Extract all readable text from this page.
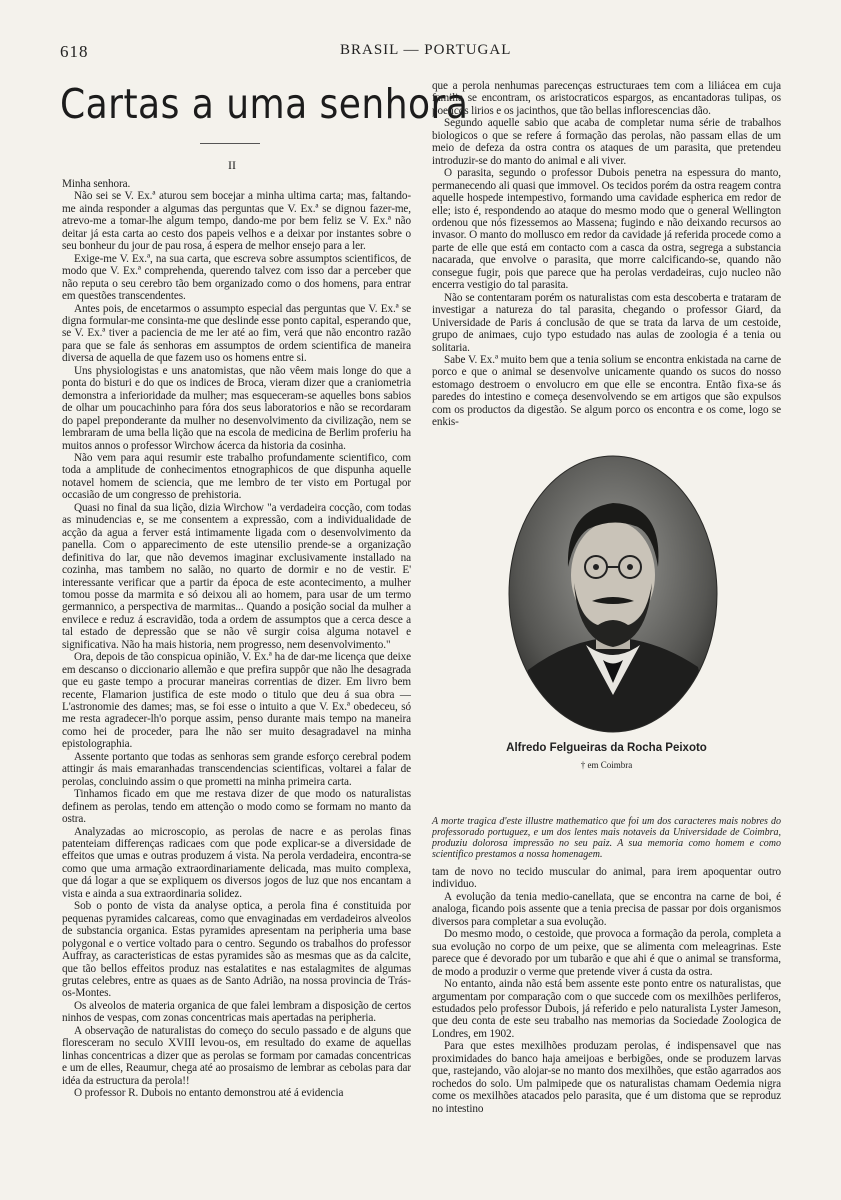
618	BRASIL — PORTUGAL
Cartas a uma senhora
II

Minha senhora.

Não sei se V. Ex.ª aturou sem bocejar a minha ultima carta; mas, faltando-me ainda responder a algumas das perguntas que V. Ex.ª se dignou fazer-me, atrevo-me a tomar-lhe algum tempo, dando-me por bem feliz se V. Ex.ª não deitar já esta carta ao cesto dos papeis velhos e a deixar por instantes sobre o seu bonheur du jour de pau rosa, á espera de melhor ensejo para a ler.

Exige-me V. Ex.ª, na sua carta, que escreva sobre assumptos scientificos, de modo que V. Ex.ª comprehenda, querendo talvez com isso dar a perceber que não reputa o seu cerebro tão bem organizado como o dos homens, para entrar em questões transcendentes.

Antes pois, de encetarmos o assumpto especial das perguntas que V. Ex.ª se digna formular-me consinta-me que deslinde esse ponto capital, esperando que, se V. Ex.ª tiver a paciencia de me ler até ao fim, verá que não encontro razão para que se fale ás senhoras em assumptos de ordem scientifica de maneira diversa de aquella de que fazem uso os homens entre si.

Uns physiologistas e uns anatomistas, que não vêem mais longe do que a ponta do bisturi e do que os indices de Broca, vieram dizer que a craniometria demonstra a inferioridade da mulher; mas esqueceram-se aquelles bons sabios de olhar um poucachinho para fóra dos seus laboratorios e não se recordaram do papel preponderante da mulher no desenvolvimento da civilização, nem se lembraram de uma bella lição que na escola de medicina de Berlim proferiu ha muitos annos o professor Wirchow ácerca da historia da cosinha.

Não vem para aqui resumir este trabalho profundamente scientifico, com toda a amplitude de conhecimentos etnographicos de que dispunha aquelle notavel homem de sciencia, que me lembro de ter visto em Portugal por occasião de um congresso de prehistoria.

Quasi no final da sua lição, dizia Wirchow "a verdadeira cocção, com todas as minudencias e, se me consentem a expressão, com a individualidade de acção da agua a ferver está intimamente ligada com o desenvolvimento da panella. Com o apparecimento de este utensilio prende-se a organização definitiva do lar, que não devemos imaginar exclusivamente installado na cozinha, mas tambem no salão, no quarto de dormir e no de vestir. E' interessante verificar que a partir da época de este acontecimento, a mulher tomou posse da marmita e só deixou ali ao homem, para usar de um termo germannico, a perspectiva de marmitas... Quando a posição social da mulher a envilece e reduz á escravidão, toda a ordem de assumptos que a cerca desce a tal estado de depressão que se não vê surgir coisa alguma notavel e significativa. Não ha mais historia, nem progresso, nem desenvolvimento."

Ora, depois de tão conspicua opinião, V. Ex.ª ha de dar-me licença que deixe em descanso o diccionario allemão e que prefira suppôr que não lhe desagrada que eu gaste tempo a procurar maneiras correntias de dizer. Em livro bem recente, Flamarion justifica de este modo o titulo que deu á sua obra — L'astronomie des dames; mas, se foi esse o intuito a que V. Ex.ª obedeceu, só me resta agradecer-lh'o porque assim, penso durante mais tempo na maneira como hei de proceder, para lhe não ser muito desagradavel na minha epistolographia.

Assente portanto que todas as senhoras sem grande esforço cerebral podem attingir ás mais emaranhadas transcendencias scientificas, voltarei a falar de perolas, concluindo assim o que prometti na minha primeira carta.

Tinhamos ficado em que me restava dizer de que modo os naturalistas definem as perolas, tendo em attenção o modo como se formam no manto da ostra.

Analyzadas ao microscopio, as perolas de nacre e as perolas finas patenteiam differenças radicaes com que pode explicar-se a diversidade de effeitos que umas e outras produzem á vista. Na perola verdadeira, encontra-se como que uma armação extraordinariamente delicada, mas muito complexa, que dá logar a que se expliquem os diversos jogos de luz que nos encantam a vista e ainda a sua extraordinaria solidez.

Sob o ponto de vista da analyse optica, a perola fina é constituida por pequenas pyramides calcareas, como que envaginadas em verdadeiros alveolos de substancia organica. Estas pyramides apresentam na peripheria uma base polygonal e o vertice voltado para o centro. Segundo os trabalhos do professor Auffray, as caracteristicas de estas pyramides são as mesmas que as da calcite, que tão bellos effeitos produz nas estalatites e nas estalagmites de algumas grutas celebres, entre as quaes as de Santo Adrião, na nossa provincia de Trás-os-Montes.

Os alveolos de materia organica de que falei lembram a disposição de certos ninhos de vespas, com zonas concentricas mais apertadas na peripheria.

A observação de naturalistas do começo do seculo passado e de alguns que floresceram no seculo XVIII levou-os, em resultado do exame de aquellas linhas concentricas a dizer que as perolas se formam por camadas concentricas e um de elles, Reaumur, chega até ao prosaismo de lembrar as cebolas para dar idéa da estructura da perola!!

O professor R. Dubois no entanto demonstrou até á evidencia

que a perola nenhumas parecenças estructuraes tem com a liliácea em cuja familia se encontram, os aristocraticos espargos, as encantadoras tulipas, os poeticos lirios e os jacinthos, que tão bellas inflorescencias dão.

Segundo aquelle sabio que acaba de completar numa série de trabalhos biologicos o que se refere á formação das perolas, não passam ellas de um meio de defeza da ostra contra os ataques de um parasita, que pretendeu introduzir-se do manto do animal e ali viver.

O parasita, segundo o professor Dubois penetra na espessura do manto, permanecendo ali quasi que immovel. Os tecidos porém da ostra reagem contra aquelle hospede intempestivo, formando uma cavidade espherica em redor de elle; isto é, respondendo ao ataque do mesmo modo que o general Wellington ordenou que nós fizessemos ao Massena; fugindo e não deixando recursos ao invasor. O manto do mollusco em redor da cavidade já referida procede como a parte de elle que está em contacto com a casca da ostra, segrega a substancia nacarada, que envolve o parasita, que morre calcificando-se, quando não consegue fugir, pois que parece que ha perolas verdadeiras, cujo nucleo não encerra vestigio do tal parasita.

Não se contentaram porém os naturalistas com esta descoberta e trataram de investigar a natureza do tal parasita, chegando o professor Giard, da Universidade de Paris á conclusão de que se trata da larva de um cestoide, grupo de animaes, cujo typo estudado nas aulas de zoologia é a tenia ou solitaria.

Sabe V. Ex.ª muito bem que a tenia solium se encontra enkistada na carne de porco e que o animal se desenvolve unicamente quando os sucos do nosso estomago destroem o envolucro em que elle se encontra. Então fixa-se ás paredes do intestino e começa desenvolvendo se em artigos que são expulsos com os productos da digestão. Se algum porco os encontra e os come, logo se enkis-

Alfredo Felgueiras da Rocha Peixoto
† em Coimbra
A morte tragica d'este illustre mathematico que foi um dos caracteres mais nobres do professorado portuguez, e um dos lentes mais notaveis da Universidade de Coimbra, produziu dolorosa impressão no seu paiz. A sua memoria como homem e como scientifico prestamos a nossa homenagem.

tam de novo no tecido muscular do animal, para irem apoquentar outro individuo.

A evolução da tenia medio-canellata, que se encontra na carne de boi, é analoga, ficando pois assente que a tenia precisa de passar por dois organismos diversos para completar a sua evolução.

Do mesmo modo, o cestoide, que provoca a formação da perola, completa a sua evolução no corpo de um peixe, que se alimenta com meleagrinas. Este parece que é devorado por um tubarão e que ahi é que o animal se transforma, de modo a produzir o verme que pretende viver á custa da ostra.

No entanto, ainda não está bem assente este ponto entre os naturalistas, que argumentam por comparação com o que succede com os mexilhões perliferos, estudados pelo professor Dubois, já referido e pelo naturalista Lyster Jameson, que deu conta de este seu trabalho nas memorias da Sociedade Zoologica de Londres, em 1902.

Para que estes mexilhões produzam perolas, é indispensavel que nas proximidades do banco haja ameijoas e berbigões, onde se produzem larvas que, rastejando, vão alojar-se no manto dos mexilhões, que estão agarrados aos rochedos do solo. Um palmipede que os naturalistas chamam Oedemia nigra come os mexilhões atacados pelo parasita, que é um distoma que se reproduz no intestino
